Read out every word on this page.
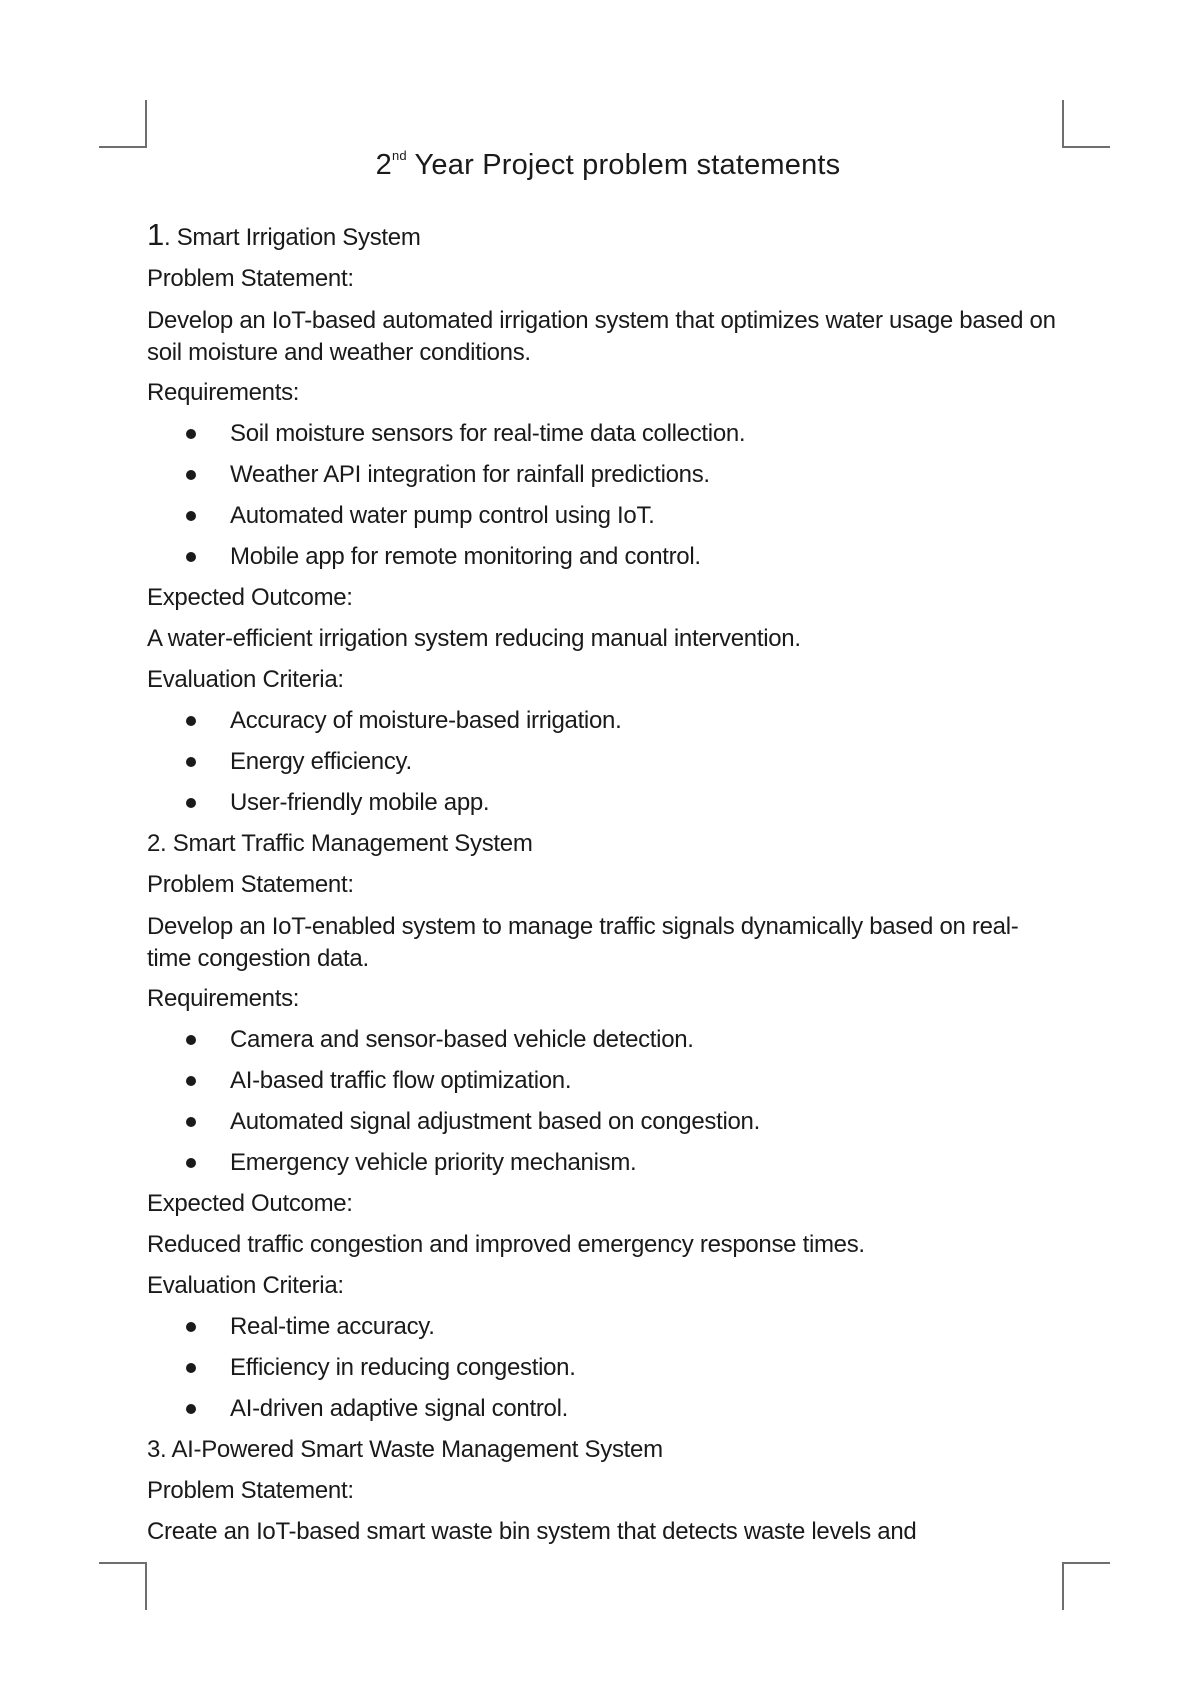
2nd Year Project problem statements

1. Smart Irrigation System

Problem Statement:

Develop an IoT-based automated irrigation system that optimizes water usage based on soil moisture and weather conditions.

Requirements:

Soil moisture sensors for real-time data collection.
Weather API integration for rainfall predictions.
Automated water pump control using IoT.
Mobile app for remote monitoring and control.

Expected Outcome:

A water-efficient irrigation system reducing manual intervention.

Evaluation Criteria:

Accuracy of moisture-based irrigation.
Energy efficiency.
User-friendly mobile app.

2. Smart Traffic Management System

Problem Statement:

Develop an IoT-enabled system to manage traffic signals dynamically based on real-time congestion data.

Requirements:

Camera and sensor-based vehicle detection.
AI-based traffic flow optimization.
Automated signal adjustment based on congestion.
Emergency vehicle priority mechanism.

Expected Outcome:

Reduced traffic congestion and improved emergency response times.

Evaluation Criteria:

Real-time accuracy.
Efficiency in reducing congestion.
AI-driven adaptive signal control.

3. AI-Powered Smart Waste Management System

Problem Statement:

Create an IoT-based smart waste bin system that detects waste levels and
